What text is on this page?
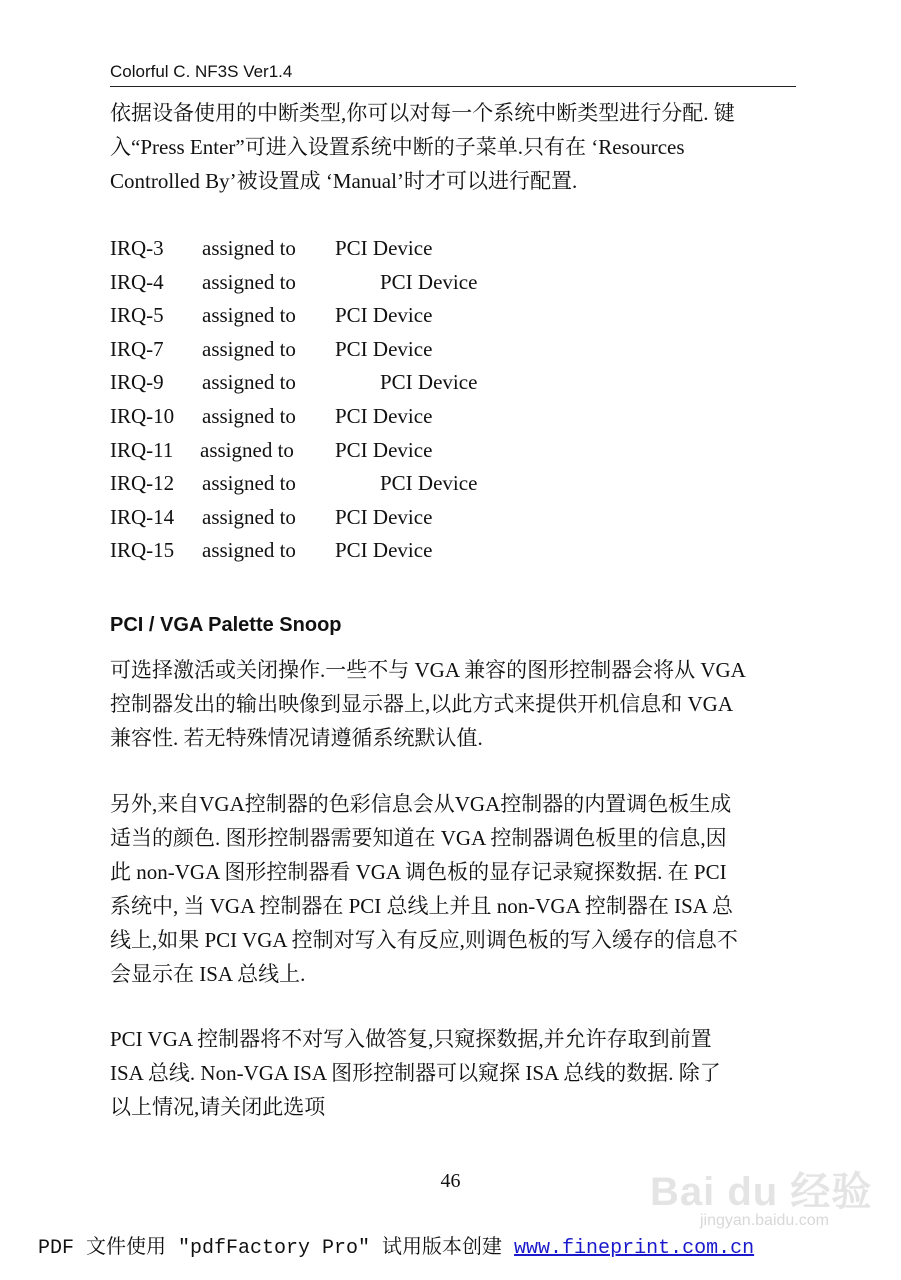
Colorful C. NF3S Ver1.4
依据设备使用的中断类型,你可以对每一个系统中断类型进行分配. 键
入“Press Enter”可进入设置系统中断的子菜单.只有在 ‘Resources
Controlled By’被设置成 ‘Manual’时才可以进行配置.
IRQ-3 assigned to PCI Device
IRQ-4 assigned to	PCI Device
IRQ-5 assigned to PCI Device
IRQ-7 assigned to PCI Device
IRQ-9 assigned to	PCI Device
IRQ-10 assigned to PCI Device
IRQ-11 assigned to PCI Device
IRQ-12 assigned to	PCI Device
IRQ-14 assigned to PCI Device
IRQ-15 assigned to PCI Device
PCI / VGA Palette Snoop
可选择激活或关闭操作.一些不与 VGA 兼容的图形控制器会将从 VGA
控制器发出的输出映像到显示器上,以此方式来提供开机信息和 VGA
兼容性. 若无特殊情况请遵循系统默认值.
另外,来自VGA控制器的色彩信息会从VGA控制器的内置调色板生成
适当的颜色. 图形控制器需要知道在 VGA 控制器调色板里的信息,因
此 non-VGA 图形控制器看 VGA 调色板的显存记录窥探数据. 在 PCI
系统中, 当 VGA 控制器在 PCI 总线上并且 non-VGA 控制器在 ISA 总
线上,如果 PCI VGA 控制对写入有反应,则调色板的写入缓存的信息不
会显示在 ISA 总线上.
PCI VGA 控制器将不对写入做答复,只窥探数据,并允许存取到前置
ISA 总线. Non-VGA ISA 图形控制器可以窥探 ISA 总线的数据. 除了
以上情况,请关闭此选项
Bai du 经验
jingyan.baidu.com
46
PDF 文件使用 "pdfFactory Pro" 试用版本创建 www.fineprint.com.cn
